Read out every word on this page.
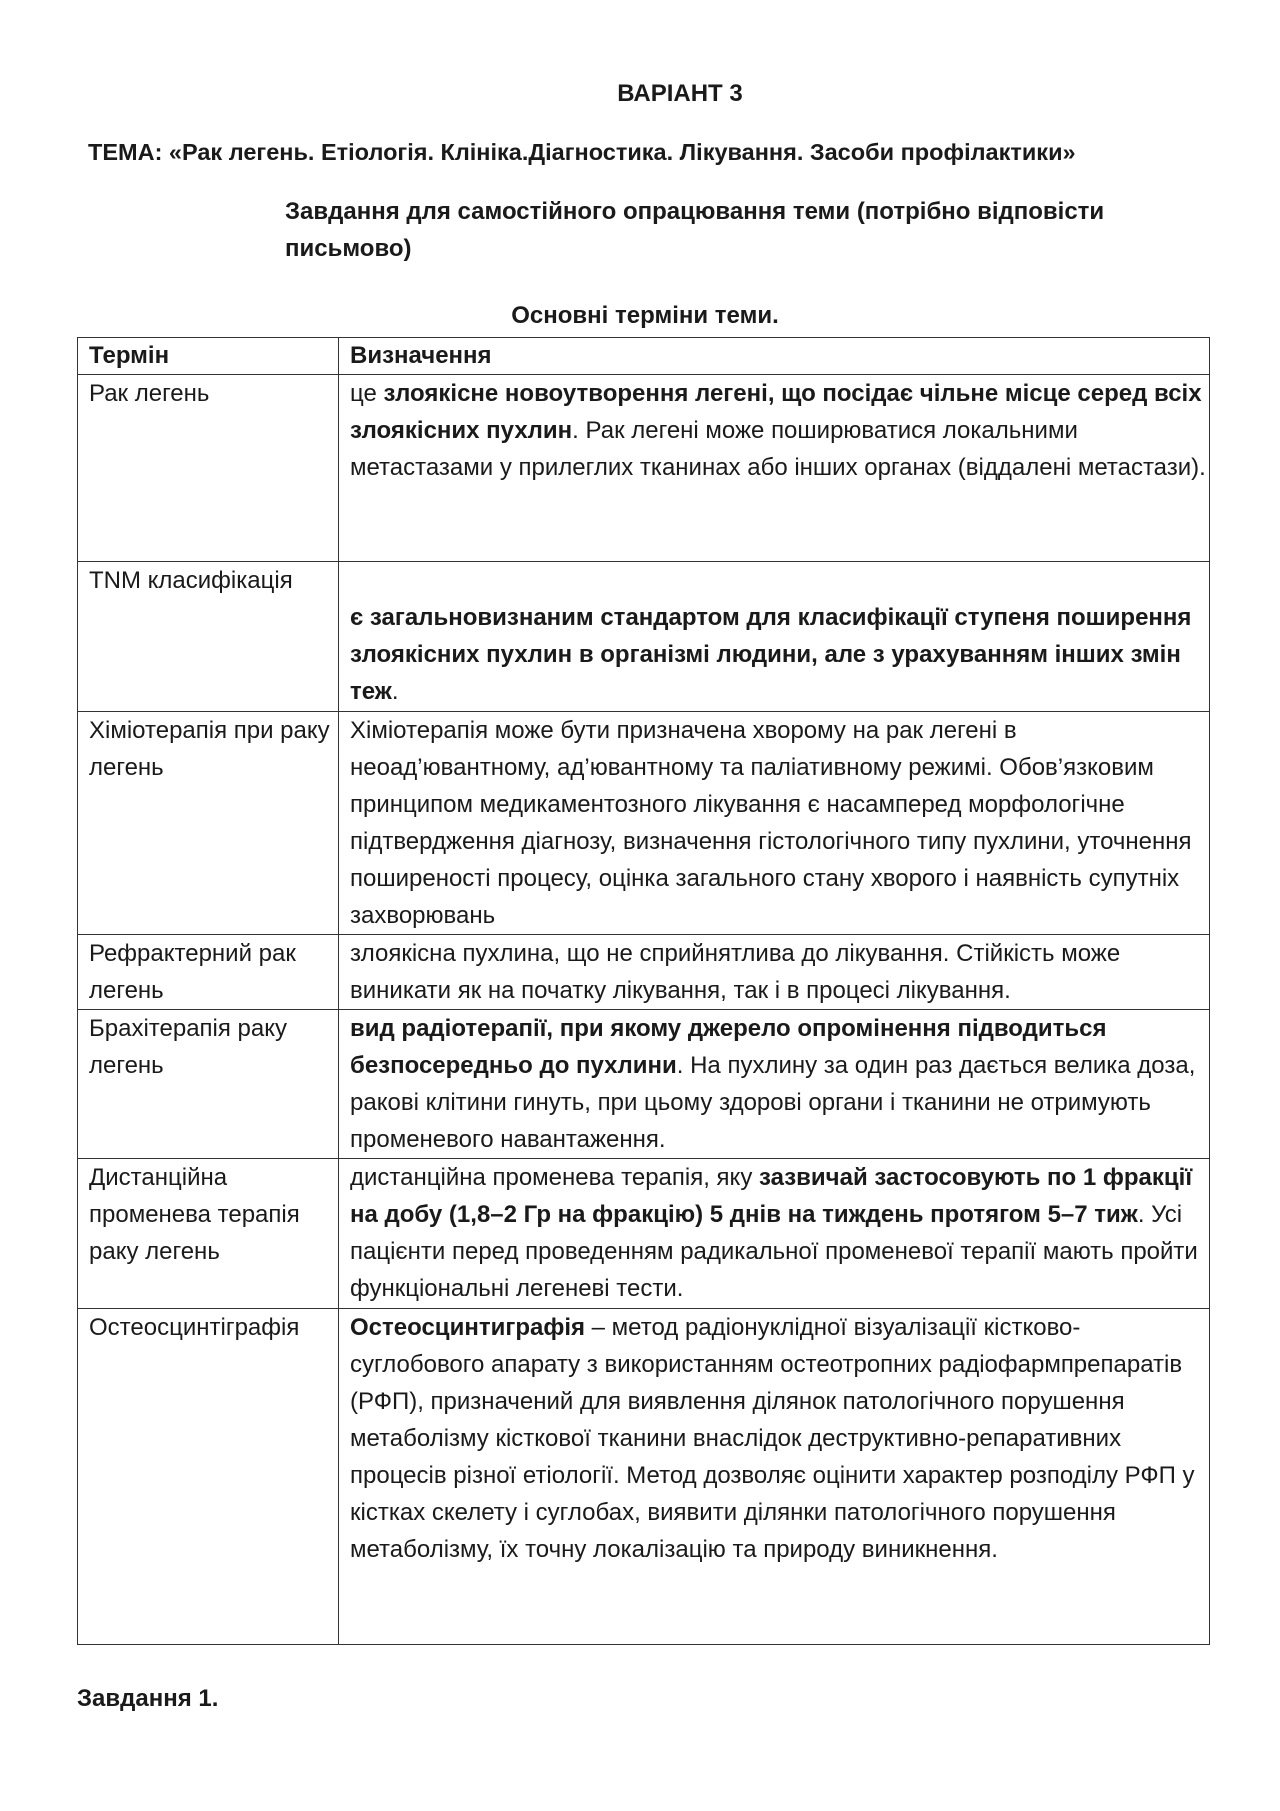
ВАРІАНТ 3
ТЕМА: «Рак легень. Етіологія. Клініка.Діагностика. Лікування. Засоби профілактики»
Завдання для самостійного опрацювання теми (потрібно відповісти письмово)
Основні терміни теми.
Термін	Визначення
Рак легень	це злоякісне новоутворення легені, що посідає чільне місце серед всіх злоякісних пухлин. Рак легені може поширюватися локальними метастазами у прилеглих тканинах або інших органах (віддалені метастази).
TNM класифікація	є загальновизнаним стандартом для класифікації ступеня поширення злоякісних пухлин в організмі людини, але з урахуванням інших змін теж.
Хіміотерапія при раку легень	Хіміотерапія може бути призначена хворому на рак легені в неоад’ювантному, ад’ювантному та паліативному режимі. Обов’язковим принципом медикаментозного лікування є насамперед морфологічне підтвердження діагнозу, визначення гістологічного типу пухлини, уточнення поширеності процесу, оцінка загального стану хворого і наявність супутніх захворювань
Рефрактерний рак легень	злоякісна пухлина, що не сприйнятлива до лікування. Стійкість може виникати як на початку лікування, так і в процесі лікування.
Брахітерапія раку легень	вид радіотерапії, при якому джерело опромінення підводиться безпосередньо до пухлини. На пухлину за один раз дається велика доза, ракові клітини гинуть, при цьому здорові органи і тканини не отримують променевого навантаження.
Дистанційна променева терапія раку легень	дистанційна променева терапія, яку зазвичай застосовують по 1 фракції на добу (1,8–2 Гр на фракцію) 5 днів на тиждень протягом 5–7 тиж. Усі пацієнти перед проведенням радикальної променевої терапії мають пройти функціональні легеневі тести.
Остеосцинтіграфія	Остеосцинтиграфія – метод радіонуклідної візуалізації кістково-суглобового апарату з використанням остеотропних радіофармпрепаратів (РФП), призначений для виявлення ділянок патологічного порушення метаболізму кісткової тканини внаслідок деструктивно-репаративних процесів різної етіології. Метод дозволяє оцінити характер розподілу РФП у кістках скелету і суглобах, виявити ділянки патологічного порушення метаболізму, їх точну локалізацію та природу виникнення.
Завдання 1.
